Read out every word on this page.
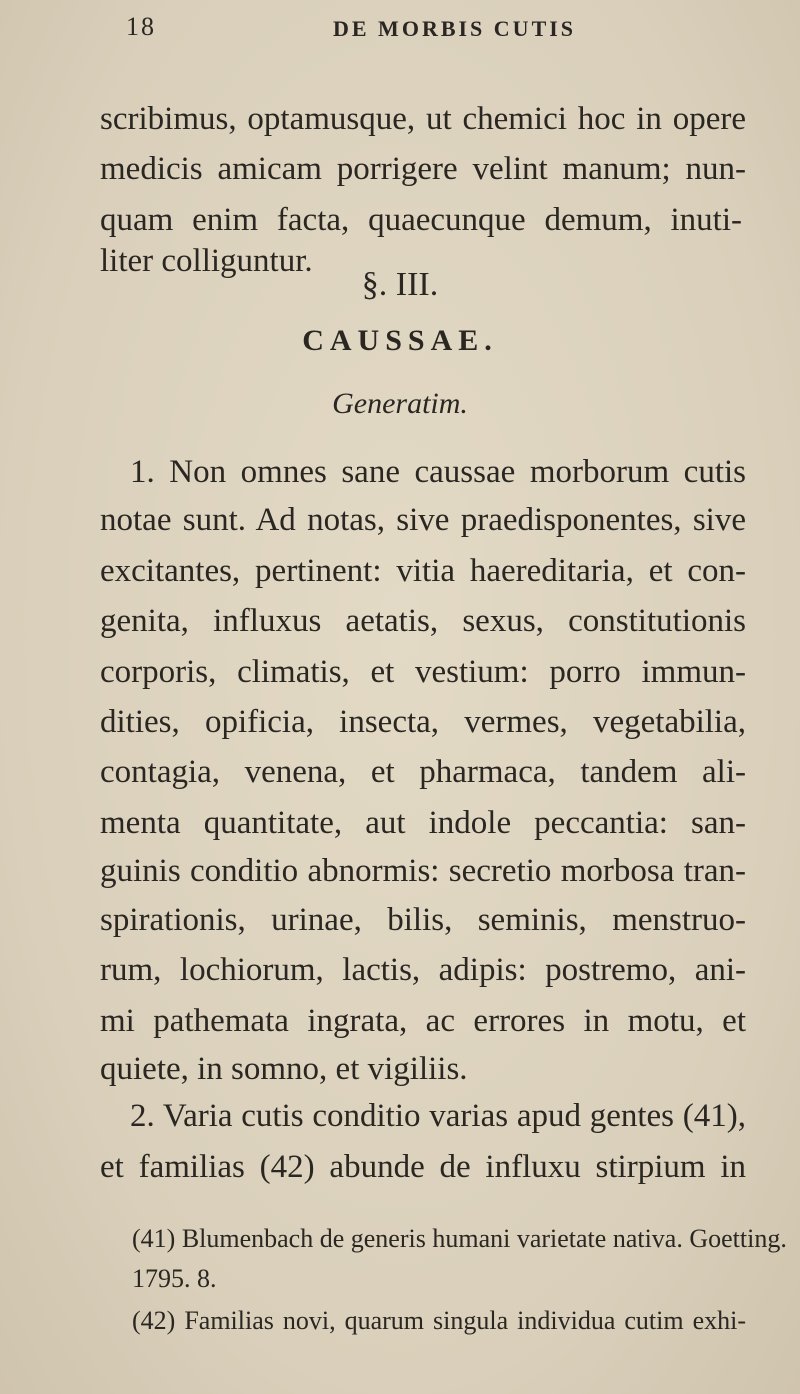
18	DE MORBIS CUTIS
scribimus, optamusque, ut chemici hoc in opere
medicis amicam porrigere velint manum; nun-
quam enim facta, quaecunque demum, inuti-
liter colliguntur.
§. III.
CAUSSAE.
Generatim.
1. Non omnes sane caussae morborum cutis
notae sunt. Ad notas, sive praedisponentes, sive
excitantes, pertinent: vitia haereditaria, et con-
genita, influxus aetatis, sexus, constitutionis
corporis, climatis, et vestium: porro immun-
dities, opificia, insecta, vermes, vegetabilia,
contagia, venena, et pharmaca, tandem ali-
menta quantitate, aut indole peccantia: san-
guinis conditio abnormis: secretio morbosa tran-
spirationis, urinae, bilis, seminis, menstruo-
rum, lochiorum, lactis, adipis: postremo, ani-
mi pathemata ingrata, ac errores in motu, et
quiete, in somno, et vigiliis.
2. Varia cutis conditio varias apud gentes (41),
et familias (42) abunde de influxu stirpium in
(41) Blumenbach de generis humani varietate nativa. Goetting.
1795. 8.
(42) Familias novi, quarum singula individua cutim exhi-
